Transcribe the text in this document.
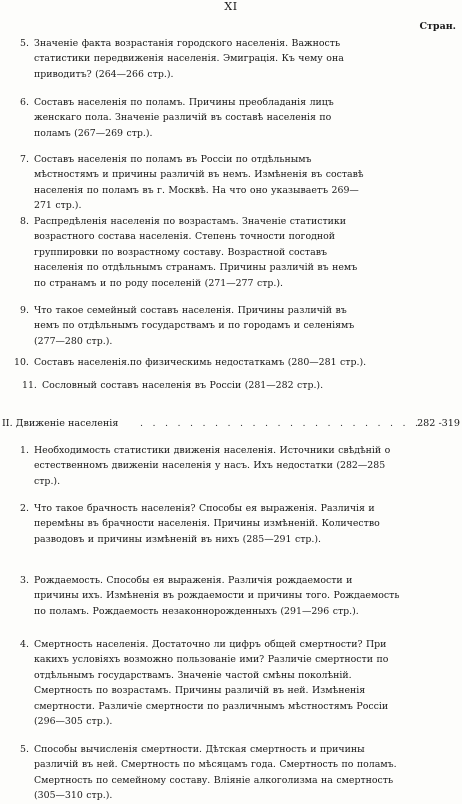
XI
Стран.
5. Значеніе факта возрастанія городского населенія. Важность статистики передвиженія населенія. Эмиграція. Къ чему она приводитъ? (264—266 стр.).
6. Составъ населенія по поламъ. Причины преобладанія лицъ женскаго пола. Значеніе различій въ составѣ населенія по поламъ (267—269 стр.).
7. Составъ населенія по поламъ въ Россіи по отдѣльнымъ мѣстностямъ и причины различій въ немъ. Измѣненія въ составѣ населенія по поламъ въ г. Москвѣ. На что оно указываетъ 269—271 стр.).
8. Распредѣленія населенія по возрастамъ. Значеніе статистики возрастного состава населенія. Степень точности погодной группировки по возрастному составу. Возрастной составъ населенія по отдѣльнымъ странамъ. Причины различій въ немъ по странамъ и по роду поселеній (271—277 стр.).
9. Что такое семейный составъ населенія. Причины различій въ немъ по отдѣльнымъ государствамъ и по городамъ и селеніямъ (277—280 стр.).
10. Составъ населенія.по физическимь недостаткамъ (280—281 стр.).
11. Сословный составъ населенія въ Россіи (281—282 стр.).
II. Движеніе населенія . . . . . . . . . . . . . . . . . . . . . . .
282 -319
1. Необходимость статистики движенія населенія. Источники свѣдѣній о естественномъ движеніи населенія у насъ. Ихъ недостатки (282—285 стр.).
2. Что такое брачность населенія? Способы ея выраженія. Различія и перемѣны въ брачности населенія. Причины измѣненій. Количество разводовъ и причины измѣненій въ нихъ (285—291 стр.).
3. Рождаемость. Способы ея выраженія. Различія рождаемости и причины ихъ. Измѣненія въ рождаемости и причины того. Рождаемость по поламъ. Рождаемость незаконнорожденныхъ (291—296 стр.).
4. Смертность населенія. Достаточно ли цифръ общей смертности? При какихъ условіяхъ возможно пользованіе ими? Различіе смертности по отдѣльнымъ государствамъ. Значеніе частой смѣны поколѣній. Смертность по возрастамъ. Причины различій въ ней. Измѣненія смертности. Различіе смертности по различнымъ мѣстностямъ Россіи (296—305 стр.).
5. Способы вычисленія смертности. Дѣтская смертность и причины различій въ ней. Смертность по мѣсяцамъ года. Смертность по поламъ. Смертность по семейному составу. Вліяніе алкоголизма на смертность (305—310 стр.).
